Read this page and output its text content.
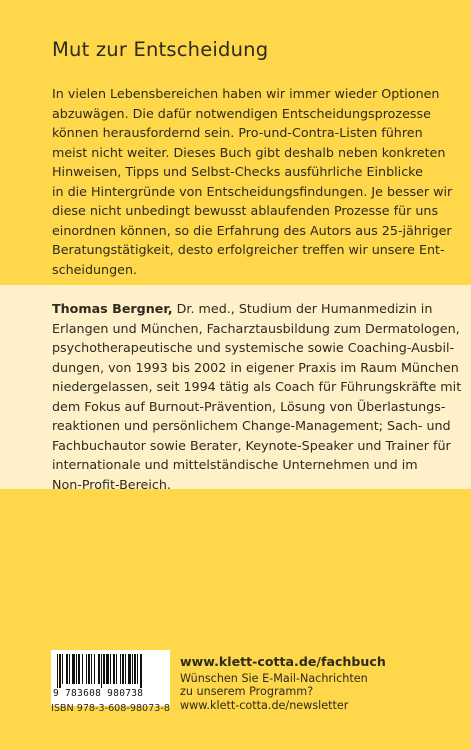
Mut zur Entscheidung
In vielen Lebensbereichen haben wir immer wieder Optionen
abzuwägen. Die dafür notwendigen Entscheidungsprozesse
können herausfordernd sein. Pro-und-Contra-Listen führen
meist nicht weiter. Dieses Buch gibt deshalb neben konkreten
Hinweisen, Tipps und Selbst-Checks ausführliche Einblicke
in die Hintergründe von Entscheidungsfindungen. Je besser wir
diese nicht unbedingt bewusst ablaufenden Prozesse für uns
einordnen können, so die Erfahrung des Autors aus 25-jähriger
Beratungstätigkeit, desto erfolgreicher treffen wir unsere Ent-
scheidungen.
Thomas Bergner, Dr. med., Studium der Humanmedizin in
Erlangen und München, Facharztausbildung zum Dermatologen,
psychotherapeutische und systemische sowie Coaching-Ausbil-
dungen, von 1993 bis 2002 in eigener Praxis im Raum München
niedergelassen, seit 1994 tätig als Coach für Führungskräfte mit
dem Fokus auf Burnout-Prävention, Lösung von Überlastungs-
reaktionen und persönlichem Change-Management; Sach- und
Fachbuchautor sowie Berater, Keynote-Speaker und Trainer für
internationale und mittelständische Unternehmen und im
Non-Profit-Bereich.
9 783608 980738
ISBN 978-3-608-98073-8
www.klett-cotta.de/fachbuch
Wünschen Sie E-Mail-Nachrichten
zu unserem Programm?
www.klett-cotta.de/newsletter
